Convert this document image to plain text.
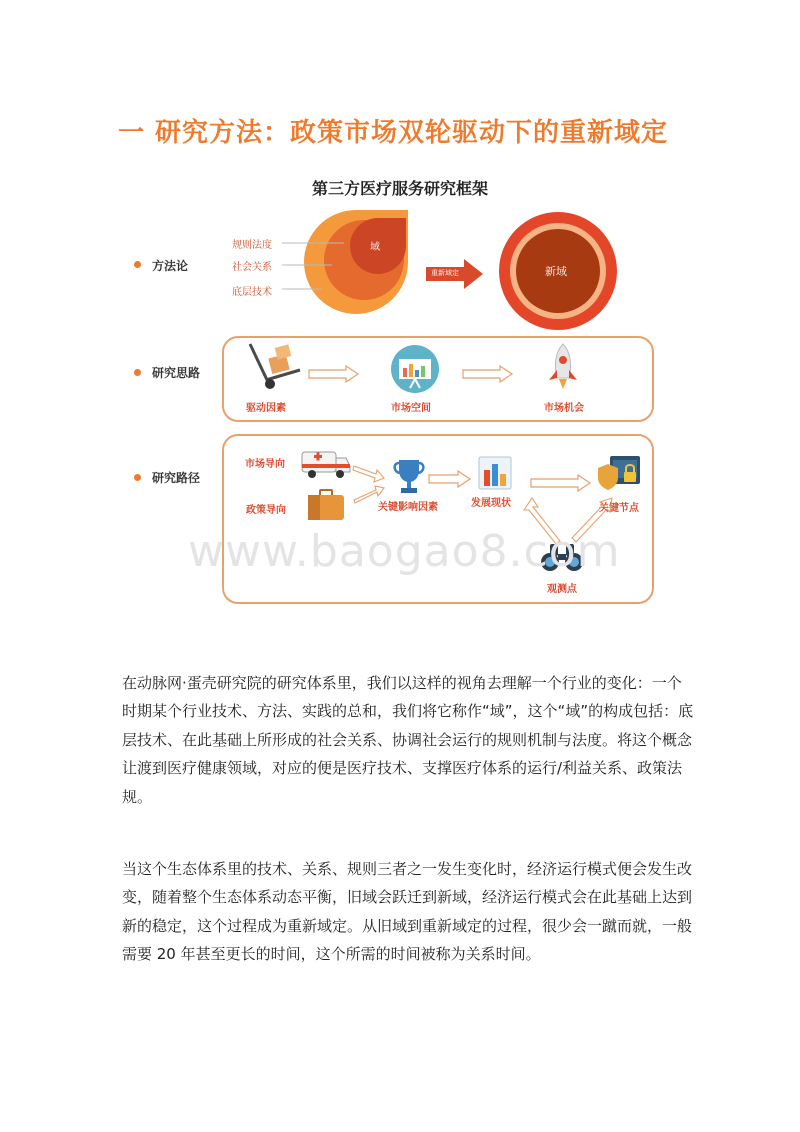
一 研究方法：政策市场双轮驱动下的重新域定
第三方医疗服务研究框架
方法论
域
规则法度
社会关系
底层技术
重新域定	新域
研究思路
驱动因素	市场空间	市场机会
研究路径
市场导向
政策导向	关键影响因素	发展现状	关键节点
观测点
www.baogao8.com

在动脉网·蛋壳研究院的研究体系里，我们以这样的视角去理解一个行业的变化：一个时期某个行业技术、方法、实践的总和，我们将它称作“域”，这个“域”的构成包括：底层技术、在此基础上所形成的社会关系、协调社会运行的规则机制与法度。将这个概念让渡到医疗健康领域，对应的便是医疗技术、支撑医疗体系的运行/利益关系、政策法规。

当这个生态体系里的技术、关系、规则三者之一发生变化时，经济运行模式便会发生改变，随着整个生态体系动态平衡，旧域会跃迁到新域，经济运行模式会在此基础上达到新的稳定，这个过程成为重新域定。从旧域到重新域定的过程，很少会一蹴而就，一般需要 20 年甚至更长的时间，这个所需的时间被称为关系时间。
